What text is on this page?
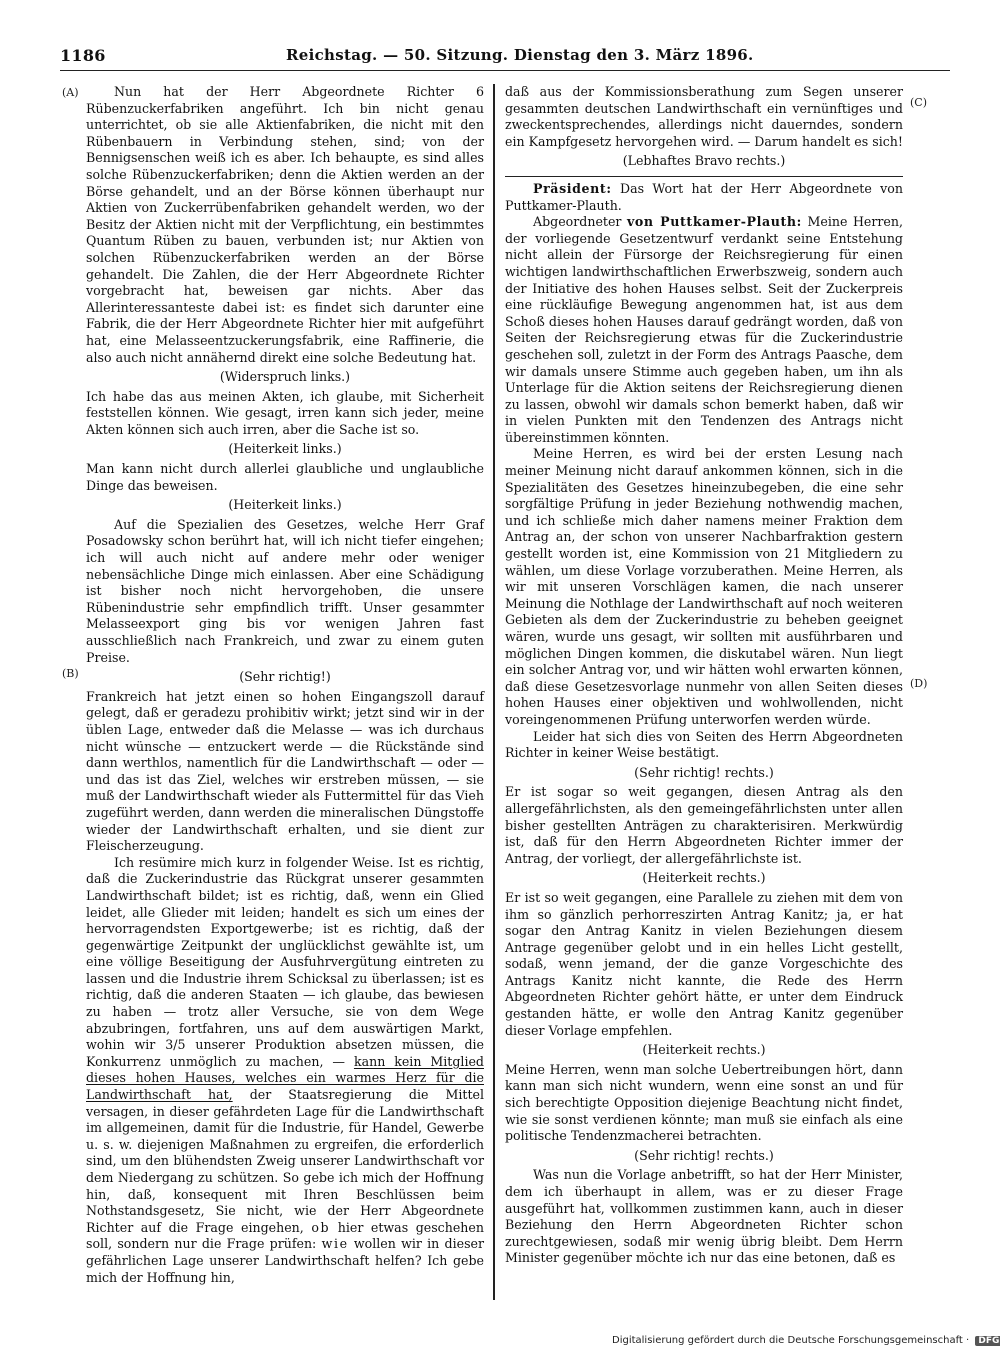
1186	Reichstag. — 50. Sitzung. Dienstag den 3. März 1896.
(A)
(B)
(C)
(D)

Nun hat der Herr Abgeordnete Richter 6 Rübenzuckerfabriken angeführt. Ich bin nicht genau unterrichtet, ob sie alle Aktienfabriken, die nicht mit den Rübenbauern in Verbindung stehen, sind; von der Bennigsenschen weiß ich es aber. Ich behaupte, es sind alles solche Rübenzuckerfabriken; denn die Aktien werden an der Börse gehandelt, und an der Börse können überhaupt nur Aktien von Zuckerrübenfabriken gehandelt werden, wo der Besitz der Aktien nicht mit der Verpflichtung, ein bestimmtes Quantum Rüben zu bauen, verbunden ist; nur Aktien von solchen Rübenzuckerfabriken werden an der Börse gehandelt. Die Zahlen, die der Herr Abgeordnete Richter vorgebracht hat, beweisen gar nichts. Aber das Allerinteressanteste dabei ist: es findet sich darunter eine Fabrik, die der Herr Abgeordnete Richter hier mit aufgeführt hat, eine Melasseentzuckerungsfabrik, eine Raffinerie, die also auch nicht annähernd direkt eine solche Bedeutung hat.

(Widerspruch links.)

Ich habe das aus meinen Akten, ich glaube, mit Sicherheit feststellen können. Wie gesagt, irren kann sich jeder, meine Akten können sich auch irren, aber die Sache ist so.

(Heiterkeit links.)

Man kann nicht durch allerlei glaubliche und unglaubliche Dinge das beweisen.

(Heiterkeit links.)

Auf die Spezialien des Gesetzes, welche Herr Graf Posadowsky schon berührt hat, will ich nicht tiefer eingehen; ich will auch nicht auf andere mehr oder weniger nebensächliche Dinge mich einlassen. Aber eine Schädigung ist bisher noch nicht hervorgehoben, die unsere Rübenindustrie sehr empfindlich trifft. Unser gesammter Melasseexport ging bis vor wenigen Jahren fast ausschließlich nach Frankreich, und zwar zu einem guten Preise.

(Sehr richtig!)

Frankreich hat jetzt einen so hohen Eingangszoll darauf gelegt, daß er geradezu prohibitiv wirkt; jetzt sind wir in der üblen Lage, entweder daß die Melasse — was ich durchaus nicht wünsche — entzuckert werde — die Rückstände sind dann werthlos, namentlich für die Landwirthschaft — oder — und das ist das Ziel, welches wir erstreben müssen, — sie muß der Landwirthschaft wieder als Futtermittel für das Vieh zugeführt werden, dann werden die mineralischen Düngstoffe wieder der Landwirthschaft erhalten, und sie dient zur Fleischerzeugung.

Ich resümire mich kurz in folgender Weise. Ist es richtig, daß die Zuckerindustrie das Rückgrat unserer gesammten Landwirthschaft bildet; ist es richtig, daß, wenn ein Glied leidet, alle Glieder mit leiden; handelt es sich um eines der hervorragendsten Exportgewerbe; ist es richtig, daß der gegenwärtige Zeitpunkt der unglücklichst gewählte ist, um eine völlige Beseitigung der Ausfuhrvergütung eintreten zu lassen und die Industrie ihrem Schicksal zu überlassen; ist es richtig, daß die anderen Staaten — ich glaube, das bewiesen zu haben — trotz aller Versuche, sie von dem Wege abzubringen, fortfahren, uns auf dem auswärtigen Markt, wohin wir 3/5 unserer Produktion absetzen müssen, die Konkurrenz unmöglich zu machen, — kann kein Mitglied dieses hohen Hauses, welches ein warmes Herz für die Landwirthschaft hat, der Staatsregierung die Mittel versagen, in dieser gefährdeten Lage für die Landwirthschaft im allgemeinen, damit für die Industrie, für Handel, Gewerbe u. s. w. diejenigen Maßnahmen zu ergreifen, die erforderlich sind, um den blühendsten Zweig unserer Landwirthschaft vor dem Niedergang zu schützen. So gebe ich mich der Hoffnung hin, daß, konsequent mit Ihren Beschlüssen beim Nothstandsgesetz, Sie nicht, wie der Herr Abgeordnete Richter auf die Frage eingehen, ob hier etwas geschehen soll, sondern nur die Frage prüfen: wie wollen wir in dieser gefährlichen Lage unserer Landwirthschaft helfen? Ich gebe mich der Hoffnung hin,

daß aus der Kommissionsberathung zum Segen unserer gesammten deutschen Landwirthschaft ein vernünftiges und zweckentsprechendes, allerdings nicht dauerndes, sondern ein Kampfgesetz hervorgehen wird. — Darum handelt es sich!

(Lebhaftes Bravo rechts.)

Präsident: Das Wort hat der Herr Abgeordnete von Puttkamer-Plauth.

Abgeordneter von Puttkamer-Plauth: Meine Herren, der vorliegende Gesetzentwurf verdankt seine Entstehung nicht allein der Fürsorge der Reichsregierung für einen wichtigen landwirthschaftlichen Erwerbszweig, sondern auch der Initiative des hohen Hauses selbst. Seit der Zuckerpreis eine rückläufige Bewegung angenommen hat, ist aus dem Schoß dieses hohen Hauses darauf gedrängt worden, daß von Seiten der Reichsregierung etwas für die Zuckerindustrie geschehen soll, zuletzt in der Form des Antrags Paasche, dem wir damals unsere Stimme auch gegeben haben, um ihn als Unterlage für die Aktion seitens der Reichsregierung dienen zu lassen, obwohl wir damals schon bemerkt haben, daß wir in vielen Punkten mit den Tendenzen des Antrags nicht übereinstimmen könnten.

Meine Herren, es wird bei der ersten Lesung nach meiner Meinung nicht darauf ankommen können, sich in die Spezialitäten des Gesetzes hineinzubegeben, die eine sehr sorgfältige Prüfung in jeder Beziehung nothwendig machen, und ich schließe mich daher namens meiner Fraktion dem Antrag an, der schon von unserer Nachbarfraktion gestern gestellt worden ist, eine Kommission von 21 Mitgliedern zu wählen, um diese Vorlage vorzuberathen. Meine Herren, als wir mit unseren Vorschlägen kamen, die nach unserer Meinung die Nothlage der Landwirthschaft auf noch weiteren Gebieten als dem der Zuckerindustrie zu beheben geeignet wären, wurde uns gesagt, wir sollten mit ausführbaren und möglichen Dingen kommen, die diskutabel wären. Nun liegt ein solcher Antrag vor, und wir hätten wohl erwarten können, daß diese Gesetzesvorlage nunmehr von allen Seiten dieses hohen Hauses einer objektiven und wohlwollenden, nicht voreingenommenen Prüfung unterworfen werden würde.

Leider hat sich dies von Seiten des Herrn Abgeordneten Richter in keiner Weise bestätigt.

(Sehr richtig! rechts.)

Er ist sogar so weit gegangen, diesen Antrag als den allergefährlichsten, als den gemeingefährlichsten unter allen bisher gestellten Anträgen zu charakterisiren. Merkwürdig ist, daß für den Herrn Abgeordneten Richter immer der Antrag, der vorliegt, der allergefährlichste ist.

(Heiterkeit rechts.)

Er ist so weit gegangen, eine Parallele zu ziehen mit dem von ihm so gänzlich perhorreszirten Antrag Kanitz; ja, er hat sogar den Antrag Kanitz in vielen Beziehungen diesem Antrage gegenüber gelobt und in ein helles Licht gestellt, sodaß, wenn jemand, der die ganze Vorgeschichte des Antrags Kanitz nicht kannte, die Rede des Herrn Abgeordneten Richter gehört hätte, er unter dem Eindruck gestanden hätte, er wolle den Antrag Kanitz gegenüber dieser Vorlage empfehlen.

(Heiterkeit rechts.)

Meine Herren, wenn man solche Uebertreibungen hört, dann kann man sich nicht wundern, wenn eine sonst an und für sich berechtigte Opposition diejenige Beachtung nicht findet, wie sie sonst verdienen könnte; man muß sie einfach als eine politische Tendenzmacherei betrachten.

(Sehr richtig! rechts.)

Was nun die Vorlage anbetrifft, so hat der Herr Minister, dem ich überhaupt in allem, was er zu dieser Frage ausgeführt hat, vollkommen zustimmen kann, auch in dieser Beziehung den Herrn Abgeordneten Richter schon zurechtgewiesen, sodaß mir wenig übrig bleibt. Dem Herrn Minister gegenüber möchte ich nur das eine betonen, daß es

Digitalisierung gefördert durch die Deutsche Forschungsgemeinschaft · DFG
